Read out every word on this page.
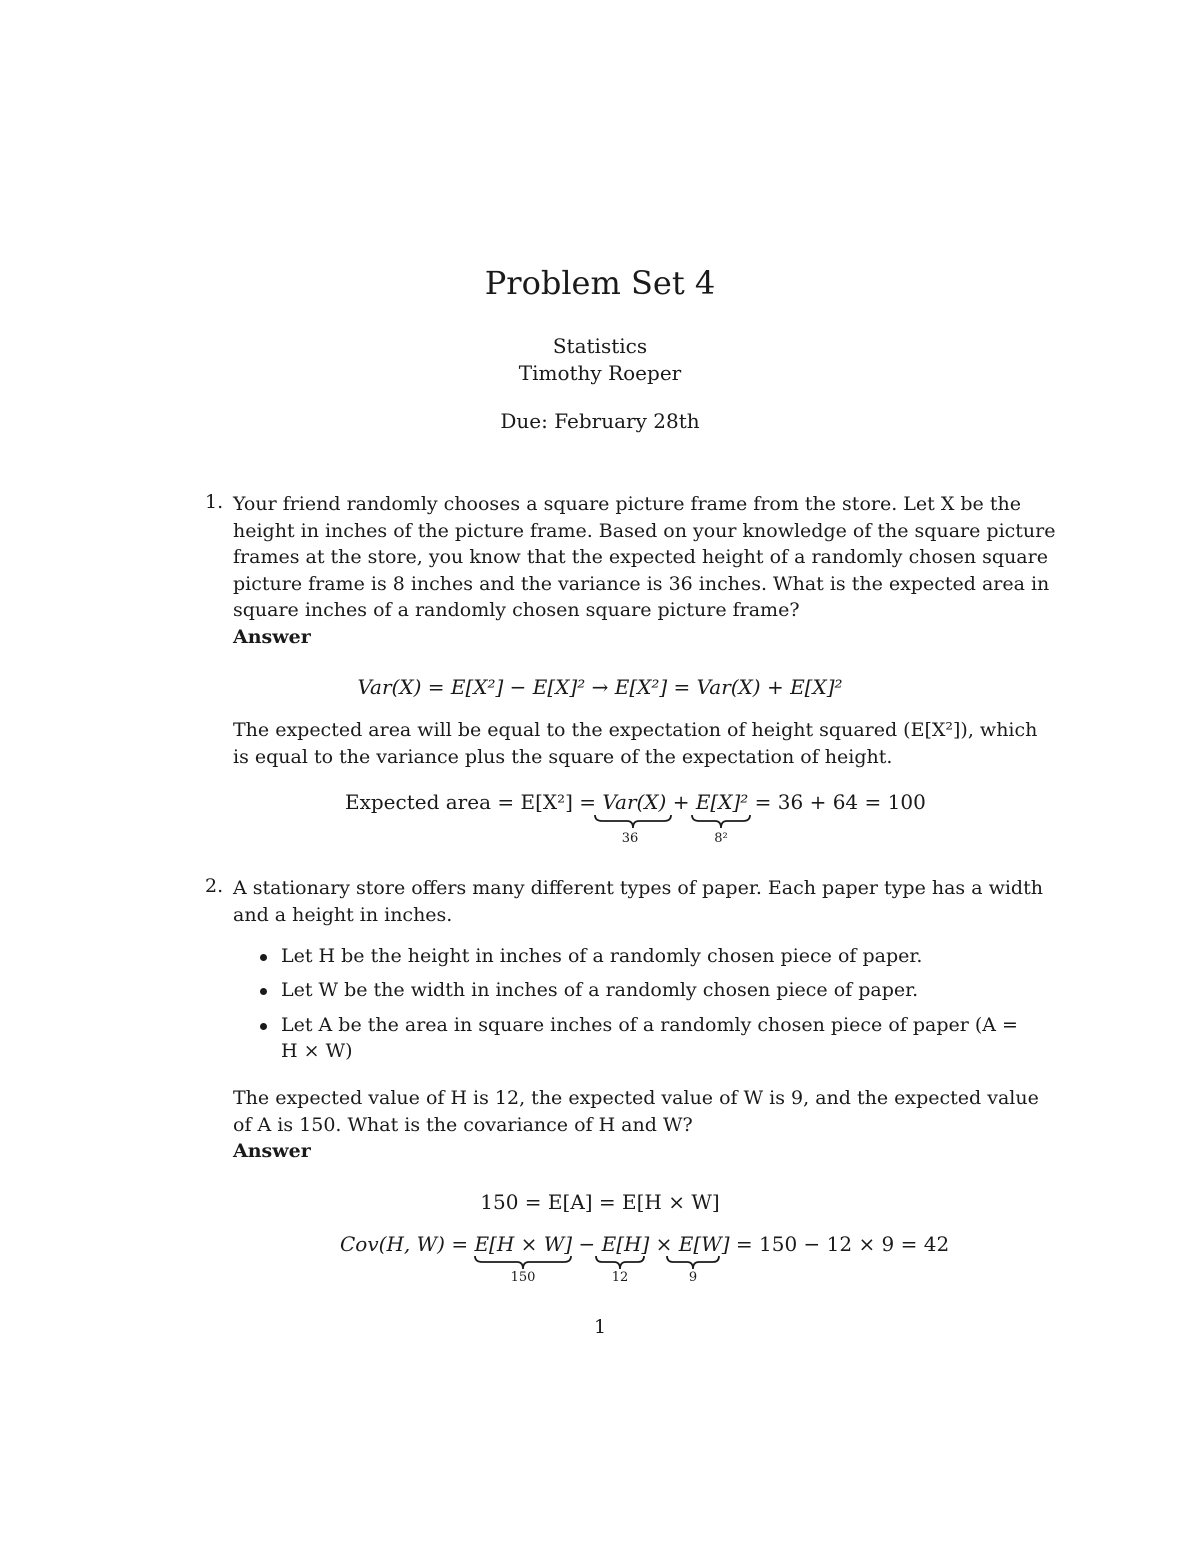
Problem Set 4
Statistics
Timothy Roeper
Due: February 28th
1. Your friend randomly chooses a square picture frame from the store. Let X be the
height in inches of the picture frame. Based on your knowledge of the square picture
frames at the store, you know that the expected height of a randomly chosen square
picture frame is 8 inches and the variance is 36 inches. What is the expected area in
square inches of a randomly chosen square picture frame?
Answer
Var(X) = E[X²] − E[X]² → E[X²] = Var(X) + E[X]²
The expected area will be equal to the expectation of height squared (E[X²]), which
is equal to the variance plus the square of the expectation of height.
Expected area = E[X²] = Var(X) + E[X]² = 36 + 64 = 100
36	8²
2. A stationary store offers many different types of paper. Each paper type has a width
and a height in inches.
Let H be the height in inches of a randomly chosen piece of paper.
Let W be the width in inches of a randomly chosen piece of paper.
Let A be the area in square inches of a randomly chosen piece of paper (A =
H × W)
The expected value of H is 12, the expected value of W is 9, and the expected value
of A is 150. What is the covariance of H and W?
Answer
150 = E[A] = E[H × W]
Cov(H, W) = E[H × W] − E[H] × E[W] = 150 − 12 × 9 = 42
150	12	9
1
